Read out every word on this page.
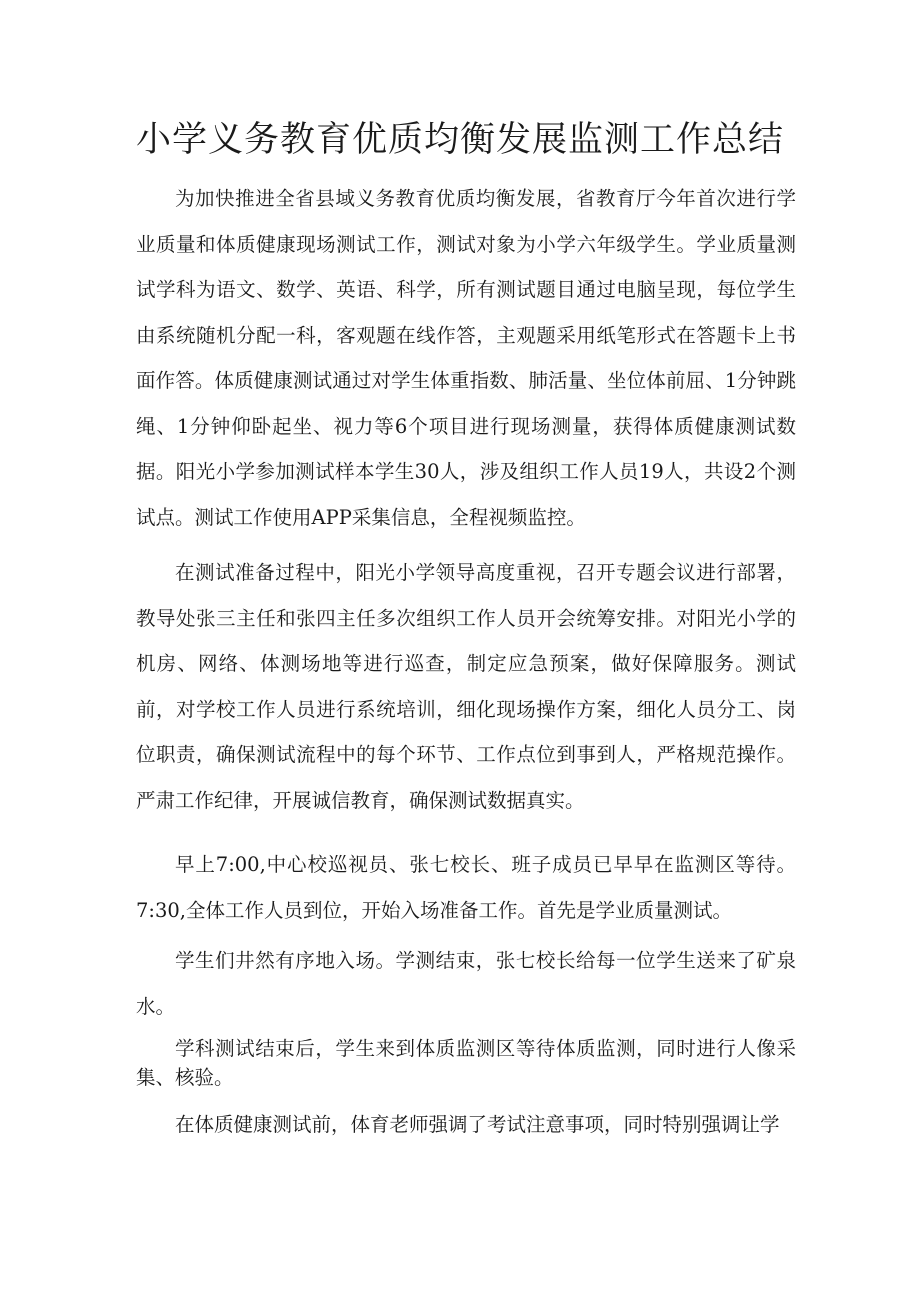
小学义务教育优质均衡发展监测工作总结

为加快推进全省县域义务教育优质均衡发展，省教育厅今年首次进行学业质量和体质健康现场测试工作，测试对象为小学六年级学生。学业质量测试学科为语文、数学、英语、科学，所有测试题目通过电脑呈现，每位学生由系统随机分配一科，客观题在线作答，主观题采用纸笔形式在答题卡上书面作答。体质健康测试通过对学生体重指数、肺活量、坐位体前屈、1分钟跳绳、1分钟仰卧起坐、视力等6个项目进行现场测量，获得体质健康测试数据。阳光小学参加测试样本学生30人，涉及组织工作人员19人，共设2个测试点。测试工作使用APP采集信息，全程视频监控。

在测试准备过程中，阳光小学领导高度重视，召开专题会议进行部署，教导处张三主任和张四主任多次组织工作人员开会统筹安排。对阳光小学的机房、网络、体测场地等进行巡查，制定应急预案，做好保障服务。测试前，对学校工作人员进行系统培训，细化现场操作方案，细化人员分工、岗位职责，确保测试流程中的每个环节、工作点位到事到人，严格规范操作。严肃工作纪律，开展诚信教育，确保测试数据真实。

早上7:00,中心校巡视员、张七校长、班子成员已早早在监测区等待。7:30,全体工作人员到位，开始入场准备工作。首先是学业质量测试。

学生们井然有序地入场。学测结束，张七校长给每一位学生送来了矿泉水。

学科测试结束后，学生来到体质监测区等待体质监测，同时进行人像采集、核验。

在体质健康测试前，体育老师强调了考试注意事项，同时特别强调让学
